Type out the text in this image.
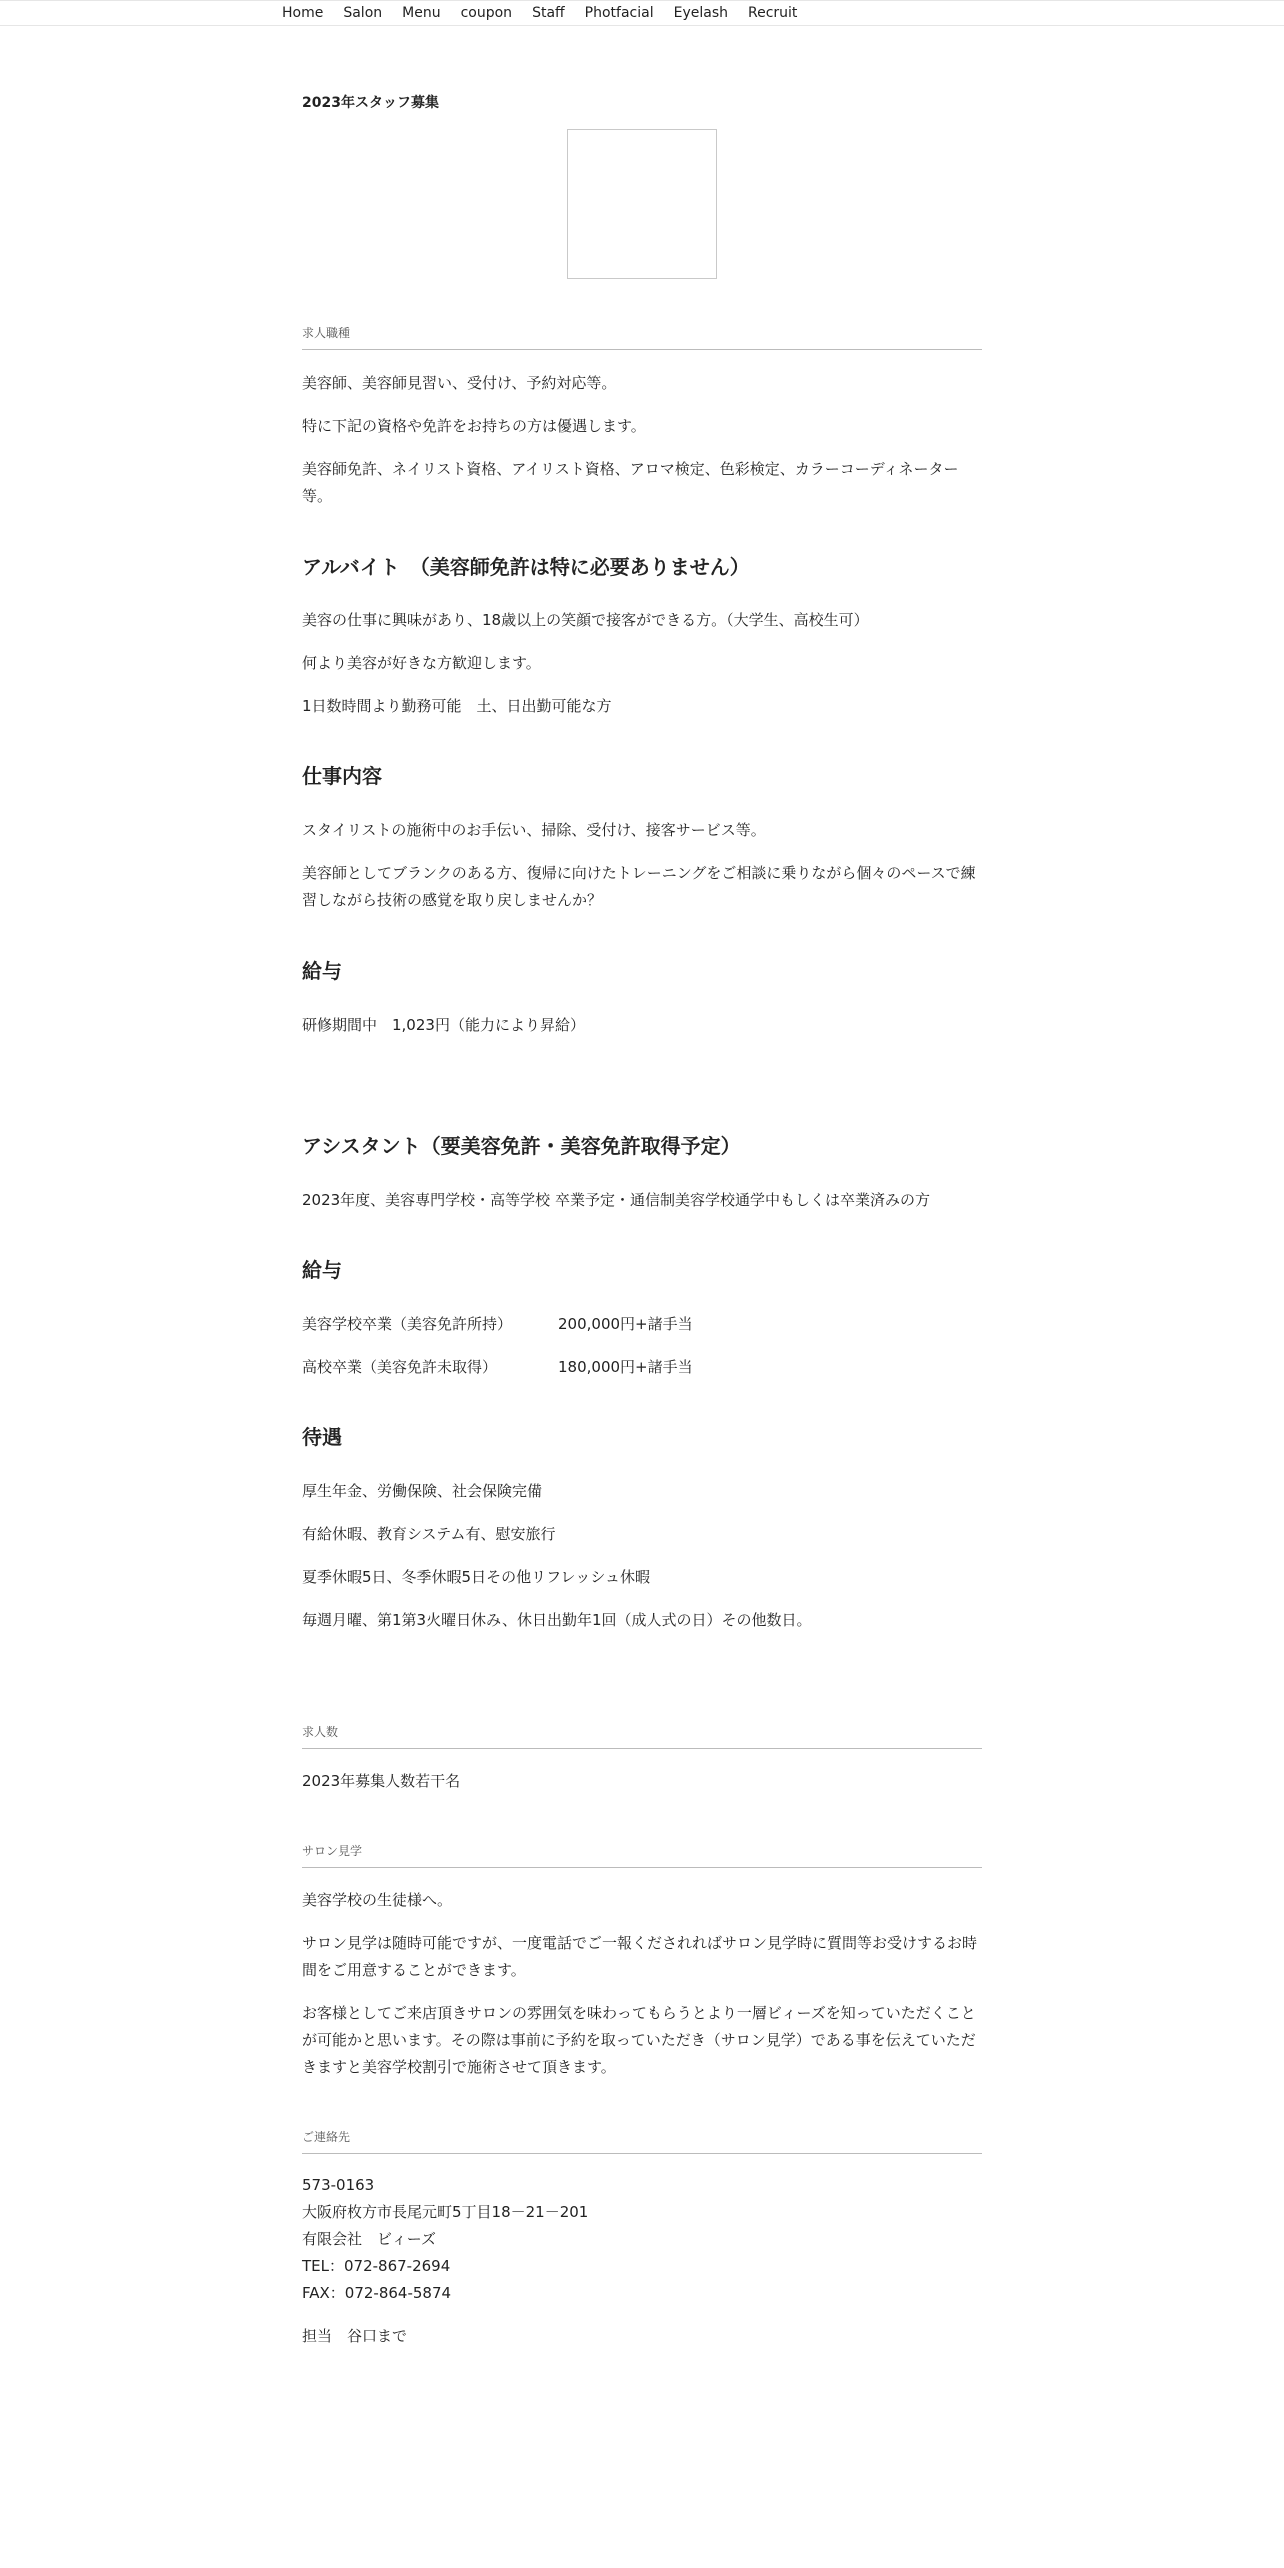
Home Salon Menu coupon Staff Photfacial Eyelash Recruit
2023年スタッフ募集
求人職種

美容師、美容師見習い、受付け、予約対応等。

特に下記の資格や免許をお持ちの方は優遇します。

美容師免許、ネイリスト資格、アイリスト資格、アロマ検定、色彩検定、カラーコーディネーター等。

アルバイト　（美容師免許は特に必要ありません）

美容の仕事に興味があり、18歳以上の笑顔で接客ができる方。（大学生、高校生可）

何より美容が好きな方歓迎します。

1日数時間より勤務可能　土、日出勤可能な方

仕事内容

スタイリストの施術中のお手伝い、掃除、受付け、接客サービス等。

美容師としてブランクのある方、復帰に向けたトレーニングをご相談に乗りながら個々のペースで練習しながら技術の感覚を取り戻しませんか？

給与

研修期間中　1,023円（能力により昇給）

アシスタント（要美容免許・美容免許取得予定）

2023年度、美容専門学校・高等学校 卒業予定・通信制美容学校通学中もしくは卒業済みの方

給与
美容学校卒業（美容免許所持）	200,000円+諸手当
高校卒業（美容免許未取得）	180,000円+諸手当
待遇

厚生年金、労働保険、社会保険完備

有給休暇、教育システム有、慰安旅行

夏季休暇5日、冬季休暇5日その他リフレッシュ休暇

毎週月曜、第1第3火曜日休み、休日出勤年1回（成人式の日）その他数日。

求人数

2023年募集人数若干名

サロン見学

美容学校の生徒様へ。

サロン見学は随時可能ですが、一度電話でご一報くだされればサロン見学時に質問等お受けするお時間をご用意することができます。

お客様としてご来店頂きサロンの雰囲気を味わってもらうとより一層ビィーズを知っていただくことが可能かと思います。その際は事前に予約を取っていただき（サロン見学）である事を伝えていただきますと美容学校割引で施術させて頂きます。

ご連絡先

573-0163

大阪府枚方市長尾元町5丁目18－21－201

有限会社　ビィーズ

TEL：072-867-2694

FAX：072-864-5874

担当　谷口まで
